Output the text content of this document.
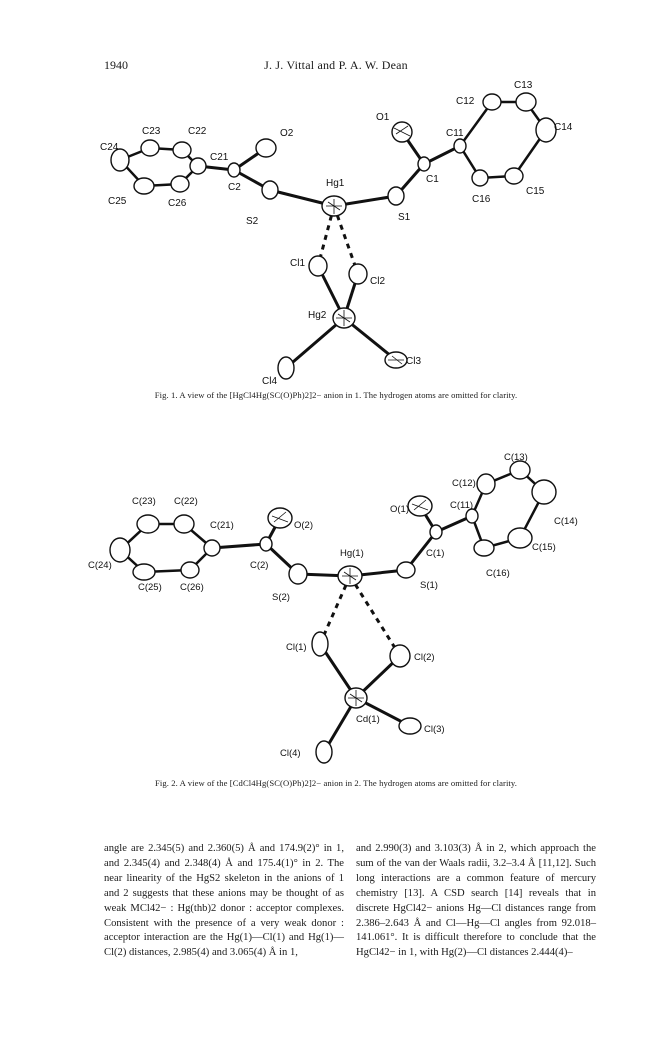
1940	J. J. Vittal and P. A. W. Dean
C24
C23	C22
C21
O2
C25	C26
C2
S2
Hg1
O1
C1
S1
C11
C12
C13
C14
C15
C16
Cl1
Cl2
Hg2
Cl3
Cl4
Fig. 1. A view of the [HgCl4Hg(SC(O)Ph)2]2− anion in 1. The hydrogen atoms are omitted for clarity.
C(23) C(22)
C(21)	O(2)
C(24)
C(25) C(26)
C(2)
S(2)
Hg(1)
O(1)	C(11)
C(12)
C(13)
C(14)
C(15)
C(16)
C(1)
S(1)
Cl(1)
Cl(2)
Cd(1)
Cl(3)
Cl(4)
Fig. 2. A view of the [CdCl4Hg(SC(O)Ph)2]2− anion in 2. The hydrogen atoms are omitted for clarity.

angle are 2.345(5) and 2.360(5) Å and 174.9(2)° in 1, and 2.345(4) and 2.348(4) Å and 175.4(1)° in 2. The near linearity of the HgS2 skeleton in the anions of 1 and 2 suggests that these anions may be thought of as weak MCl42− : Hg(thb)2 donor : acceptor complexes. Consistent with the presence of a very weak donor : acceptor interaction are the Hg(1)—Cl(1) and Hg(1)—Cl(2) distances, 2.985(4) and 3.065(4) Å in 1,

and 2.990(3) and 3.103(3) Å in 2, which approach the sum of the van der Waals radii, 3.2–3.4 Å [11,12]. Such long interactions are a common feature of mercury chemistry [13]. A CSD search [14] reveals that in discrete HgCl42− anions Hg—Cl distances range from 2.386–2.643 Å and Cl—Hg—Cl angles from 92.018–141.061°. It is difficult therefore to conclude that the HgCl42− in 1, with Hg(2)—Cl distances 2.444(4)–
